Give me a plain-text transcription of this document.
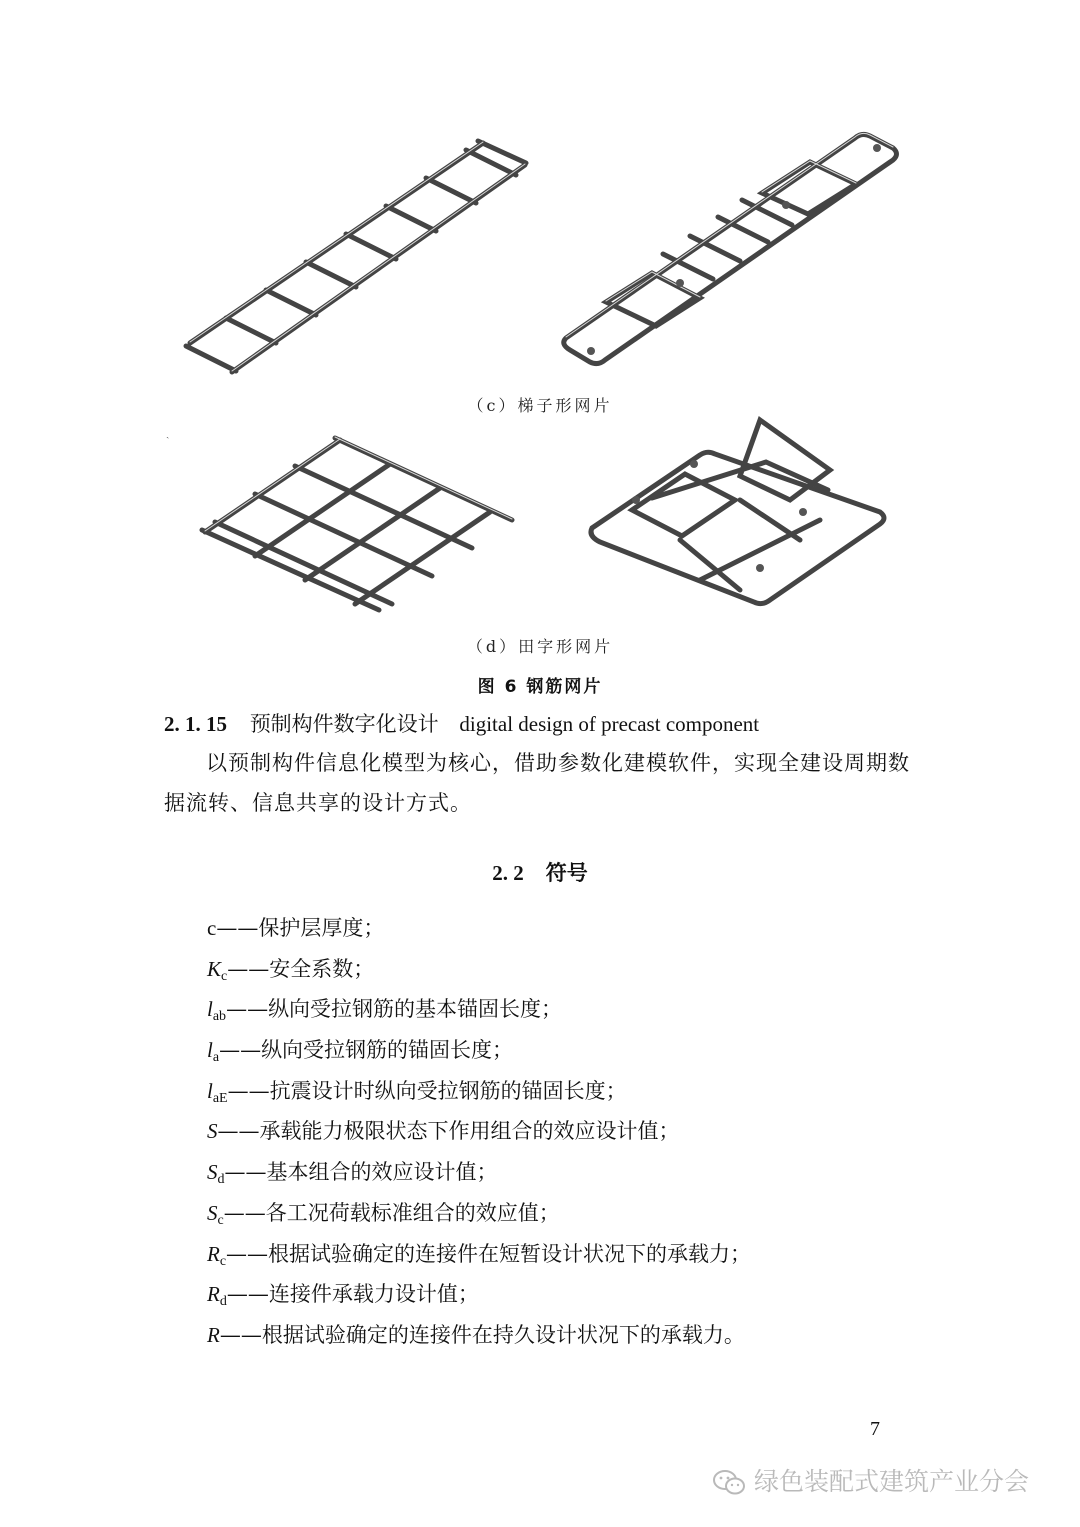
ˎ
（c）梯子形网片
（d）田字形网片
图 6 钢筋网片
2. 1. 15 预制构件数字化设计 digital design of precast component
以预制构件信息化模型为核心，借助参数化建模软件，实现全建设周期数据流转、信息共享的设计方式。
2. 2 符号
c——保护层厚度；
$K_c——$安全系数；
$l_{ab}——$纵向受拉钢筋的基本锚固长度；
$l_a——$纵向受拉钢筋的锚固长度；
$l_{aE}——$抗震设计时纵向受拉钢筋的锚固长度；
S——承载能力极限状态下作用组合的效应设计值；
$S_d——$基本组合的效应设计值；
$S_c——$各工况荷载标准组合的效应值；
$R_c——$根据试验确定的连接件在短暂设计状况下的承载力；
$R_d——$连接件承载力设计值；
R——根据试验确定的连接件在持久设计状况下的承载力。
7
绿色装配式建筑产业分会
